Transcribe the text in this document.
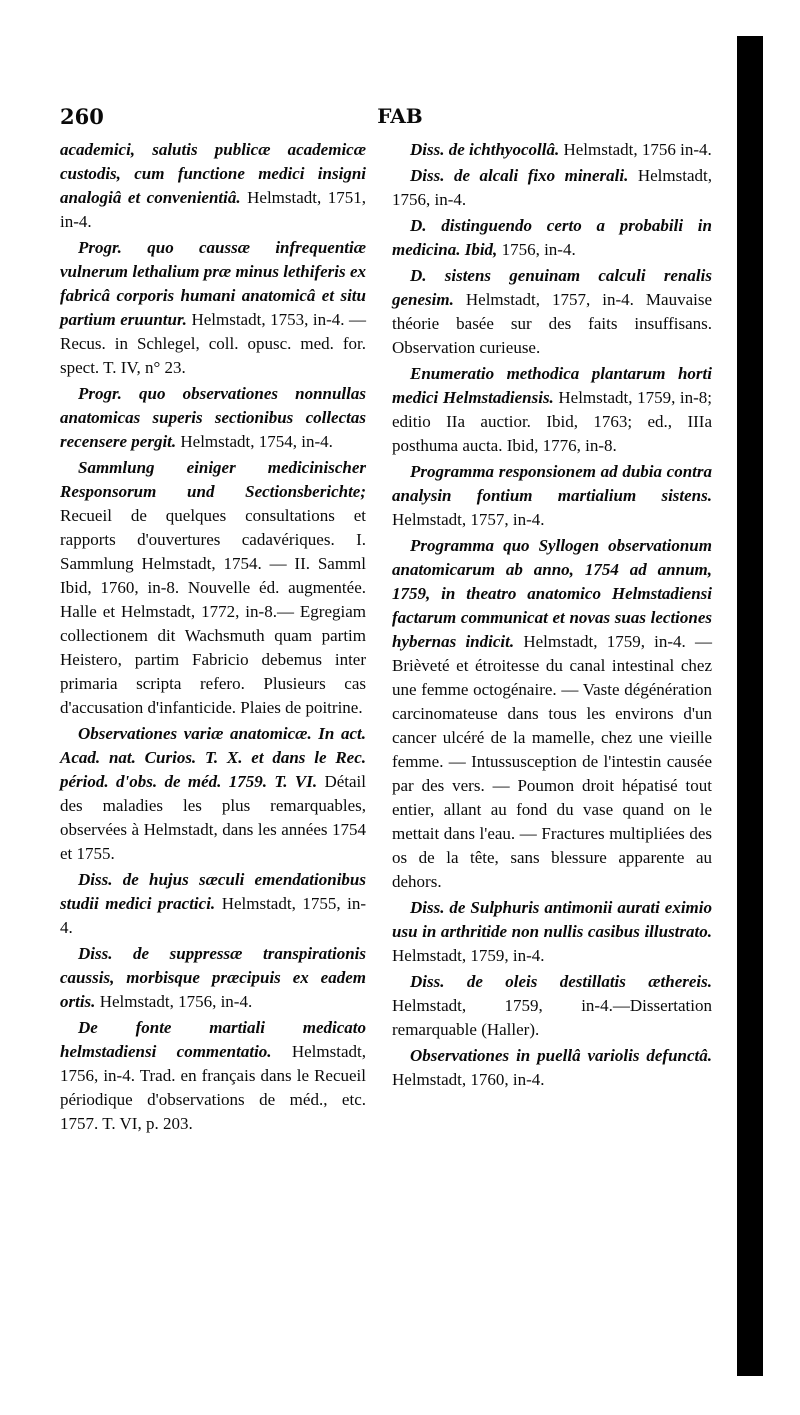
260	FAB

academici, salutis publicæ academicæ custodis, cum functione medici insigni analogiâ et convenientiâ. Helmstadt, 1751, in-4.

Progr. quo caussæ infrequentiæ vulnerum lethalium præ minus lethiferis ex fabricâ corporis humani anatomicâ et situ partium eruuntur. Helmstadt, 1753, in-4. — Recus. in Schlegel, coll. opusc. med. for. spect. T. IV, n° 23.

Progr. quo observationes nonnullas anatomicas superis sectionibus collectas recensere pergit. Helmstadt, 1754, in-4.

Sammlung einiger medicinischer Responsorum und Sectionsberichte; Recueil de quelques consultations et rapports d'ouvertures cadavériques. I. Sammlung Helmstadt, 1754. — II. Samml Ibid, 1760, in-8. Nouvelle éd. augmentée. Halle et Helmstadt, 1772, in-8.— Egregiam collectionem dit Wachsmuth quam partim Heistero, partim Fabricio debemus inter primaria scripta refero. Plusieurs cas d'accusation d'infanticide. Plaies de poitrine.

Observationes variæ anatomicæ. In act. Acad. nat. Curios. T. X. et dans le Rec. périod. d'obs. de méd. 1759. T. VI. Détail des maladies les plus remarquables, observées à Helmstadt, dans les années 1754 et 1755.

Diss. de hujus sæculi emendationibus studii medici practici. Helmstadt, 1755, in-4.

Diss. de suppressæ transpirationis caussis, morbisque præcipuis ex eadem ortis. Helmstadt, 1756, in-4.

De fonte martiali medicato helmstadiensi commentatio. Helmstadt, 1756, in-4. Trad. en français dans le Recueil périodique d'observations de méd., etc. 1757. T. VI, p. 203.

Diss. de ichthyocollâ. Helmstadt, 1756 in-4.

Diss. de alcali fixo minerali. Helmstadt, 1756, in-4.

D. distinguendo certo a probabili in medicina. Ibid, 1756, in-4.

D. sistens genuinam calculi renalis genesim. Helmstadt, 1757, in-4. Mauvaise théorie basée sur des faits insuffisans. Observation curieuse.

Enumeratio methodica plantarum horti medici Helmstadiensis. Helmstadt, 1759, in-8; editio IIa auctior. Ibid, 1763; ed., IIIa posthuma aucta. Ibid, 1776, in-8.

Programma responsionem ad dubia contra analysin fontium martialium sistens. Helmstadt, 1757, in-4.

Programma quo Syllogen observationum anatomicarum ab anno, 1754 ad annum, 1759, in theatro anatomico Helmstadiensi factarum communicat et novas suas lectiones hybernas indicit. Helmstadt, 1759, in-4. — Brièveté et étroitesse du canal intestinal chez une femme octogénaire. — Vaste dégénération carcinomateuse dans tous les environs d'un cancer ulcéré de la mamelle, chez une vieille femme. — Intussusception de l'intestin causée par des vers. — Poumon droit hépatisé tout entier, allant au fond du vase quand on le mettait dans l'eau. — Fractures multipliées des os de la tête, sans blessure apparente au dehors.

Diss. de Sulphuris antimonii aurati eximio usu in arthritide non nullis casibus illustrato. Helmstadt, 1759, in-4.

Diss. de oleis destillatis æthereis. Helmstadt, 1759, in-4.—Dissertation remarquable (Haller).

Observationes in puellâ variolis defunctâ. Helmstadt, 1760, in-4.
